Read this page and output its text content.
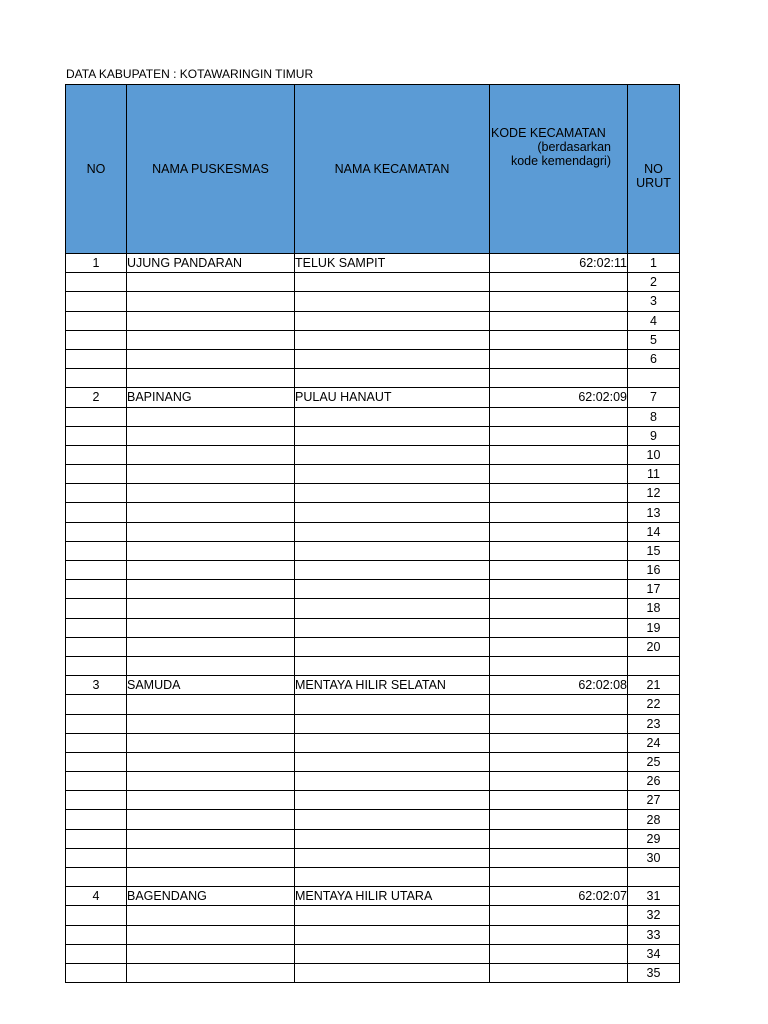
DATA KABUPATEN : KOTAWARINGIN TIMUR
NO	NAMA PUSKESMAS	NAMA KECAMATAN	KODE KECAMATAN
(berdasarkan
kode kemendagri)	NO
URUT
1	UJUNG PANDARAN	TELUK SAMPIT	62:02:11	1
				2
				3
				4
				5
				6

2	BAPINANG	PULAU HANAUT	62:02:09	7
				8
				9
				10
				11
				12
				13
				14
				15
				16
				17
				18
				19
				20

3	SAMUDA	MENTAYA HILIR SELATAN	62:02:08	21
				22
				23
				24
				25
				26
				27
				28
				29
				30

4	BAGENDANG	MENTAYA HILIR UTARA	62:02:07	31
				32
				33
				34
				35
